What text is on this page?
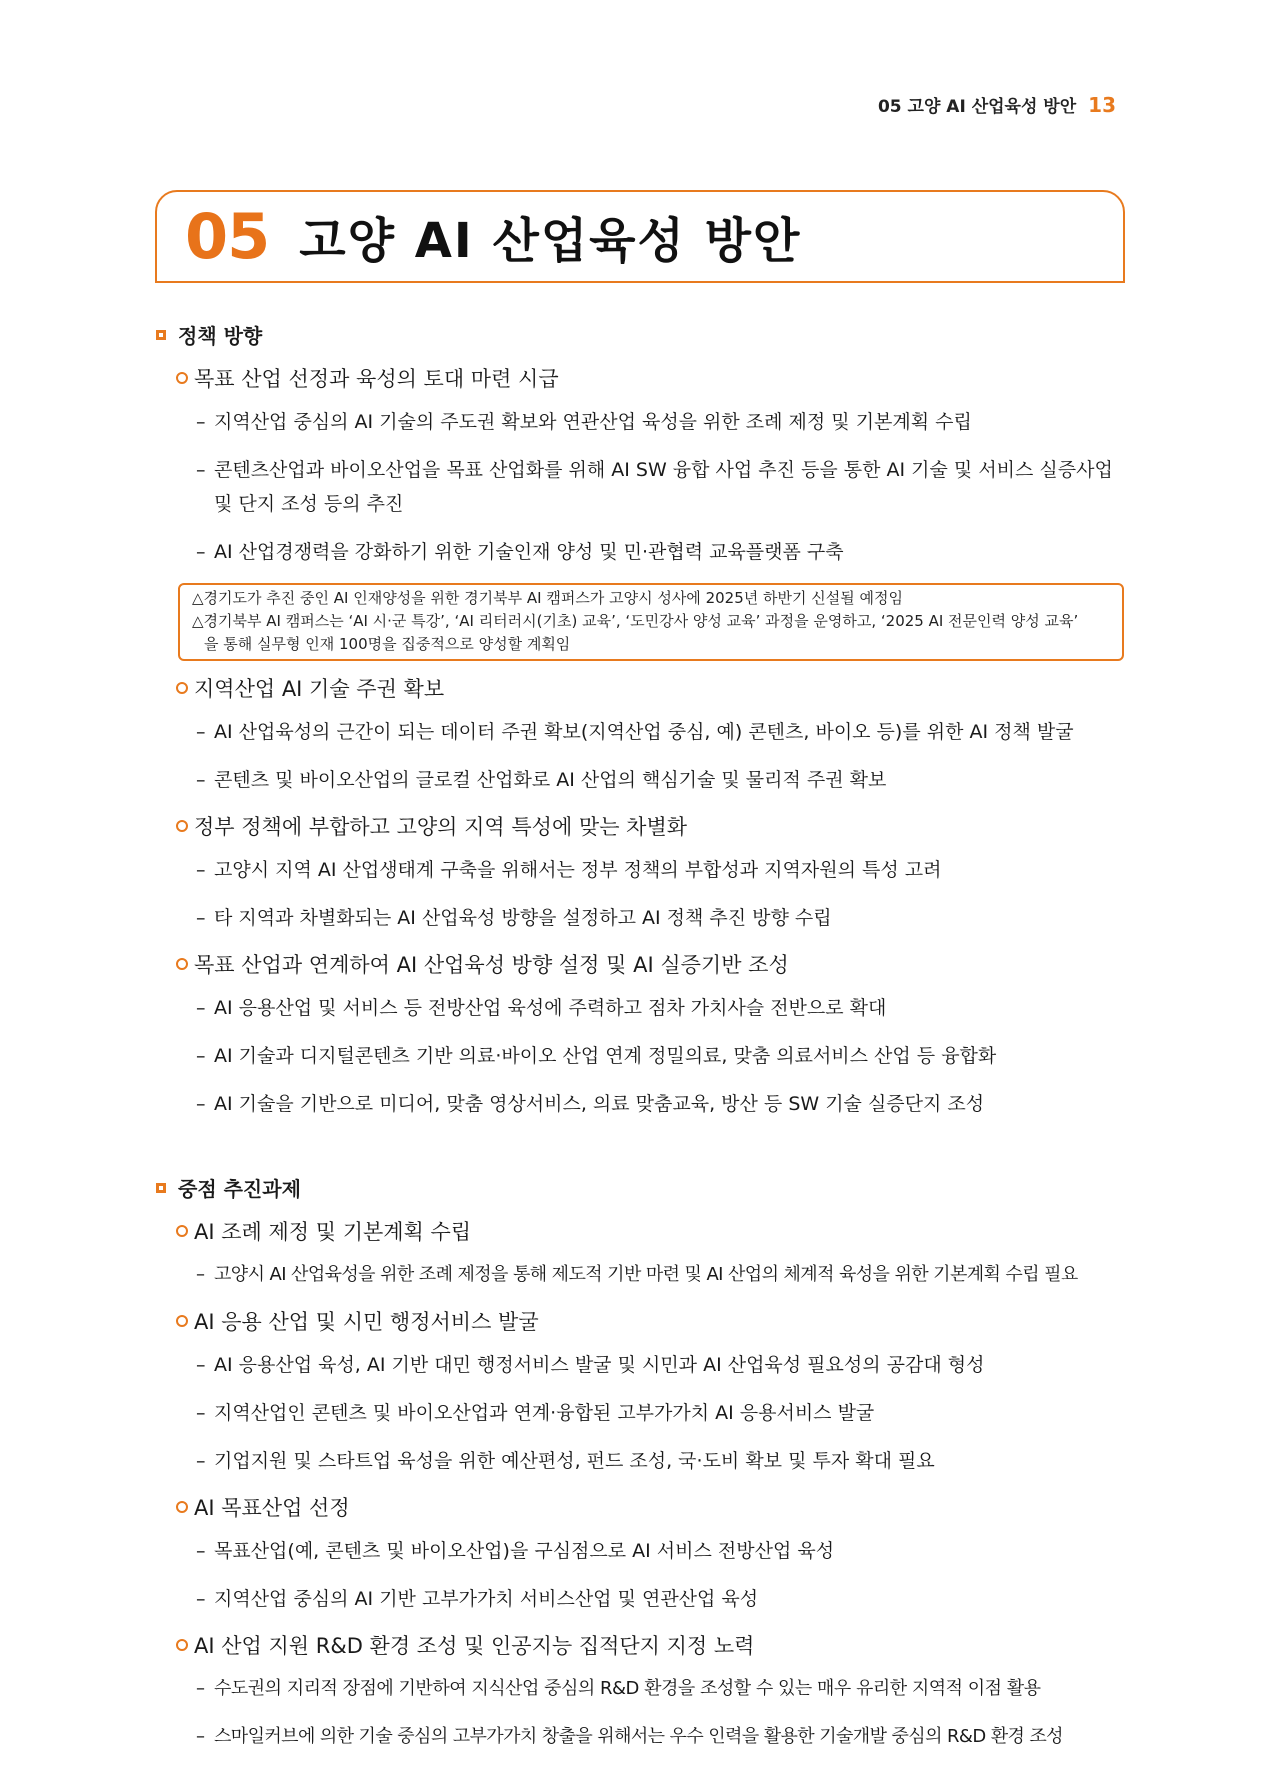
05 고양 AI 산업육성 방안 13
05 고양 AI 산업육성 방안
정책 방향
목표 산업 선정과 육성의 토대 마련 시급
– 지역산업 중심의 AI 기술의 주도권 확보와 연관산업 육성을 위한 조례 제정 및 기본계획 수립
– 콘텐츠산업과 바이오산업을 목표 산업화를 위해 AI SW 융합 사업 추진 등을 통한 AI 기술 및 서비스 실증사업 및 단지 조성 등의 추진
– AI 산업경쟁력을 강화하기 위한 기술인재 양성 및 민·관협력 교육플랫폼 구축
△경기도가 추진 중인 AI 인재양성을 위한 경기북부 AI 캠퍼스가 고양시 성사에 2025년 하반기 신설될 예정임
△경기북부 AI 캠퍼스는 ‘AI 시·군 특강’, ‘AI 리터러시(기초) 교육’, ‘도민강사 양성 교육’ 과정을 운영하고, ‘2025 AI 전문인력 양성 교육’
을 통해 실무형 인재 100명을 집중적으로 양성할 계획임
지역산업 AI 기술 주권 확보
– AI 산업육성의 근간이 되는 데이터 주권 확보(지역산업 중심, 예) 콘텐츠, 바이오 등)를 위한 AI 정책 발굴
– 콘텐츠 및 바이오산업의 글로컬 산업화로 AI 산업의 핵심기술 및 물리적 주권 확보
정부 정책에 부합하고 고양의 지역 특성에 맞는 차별화
– 고양시 지역 AI 산업생태계 구축을 위해서는 정부 정책의 부합성과 지역자원의 특성 고려
– 타 지역과 차별화되는 AI 산업육성 방향을 설정하고 AI 정책 추진 방향 수립
목표 산업과 연계하여 AI 산업육성 방향 설정 및 AI 실증기반 조성
– AI 응용산업 및 서비스 등 전방산업 육성에 주력하고 점차 가치사슬 전반으로 확대
– AI 기술과 디지털콘텐츠 기반 의료·바이오 산업 연계 정밀의료, 맞춤 의료서비스 산업 등 융합화
– AI 기술을 기반으로 미디어, 맞춤 영상서비스, 의료 맞춤교육, 방산 등 SW 기술 실증단지 조성
중점 추진과제
AI 조례 제정 및 기본계획 수립
– 고양시 AI 산업육성을 위한 조례 제정을 통해 제도적 기반 마련 및 AI 산업의 체계적 육성을 위한 기본계획 수립 필요
AI 응용 산업 및 시민 행정서비스 발굴
– AI 응용산업 육성, AI 기반 대민 행정서비스 발굴 및 시민과 AI 산업육성 필요성의 공감대 형성
– 지역산업인 콘텐츠 및 바이오산업과 연계·융합된 고부가가치 AI 응용서비스 발굴
– 기업지원 및 스타트업 육성을 위한 예산편성, 펀드 조성, 국·도비 확보 및 투자 확대 필요
AI 목표산업 선정
– 목표산업(예, 콘텐츠 및 바이오산업)을 구심점으로 AI 서비스 전방산업 육성
– 지역산업 중심의 AI 기반 고부가가치 서비스산업 및 연관산업 육성
AI 산업 지원 R&D 환경 조성 및 인공지능 집적단지 지정 노력
– 수도권의 지리적 장점에 기반하여 지식산업 중심의 R&D 환경을 조성할 수 있는 매우 유리한 지역적 이점 활용
– 스마일커브에 의한 기술 중심의 고부가가치 창출을 위해서는 우수 인력을 활용한 기술개발 중심의 R&D 환경 조성
